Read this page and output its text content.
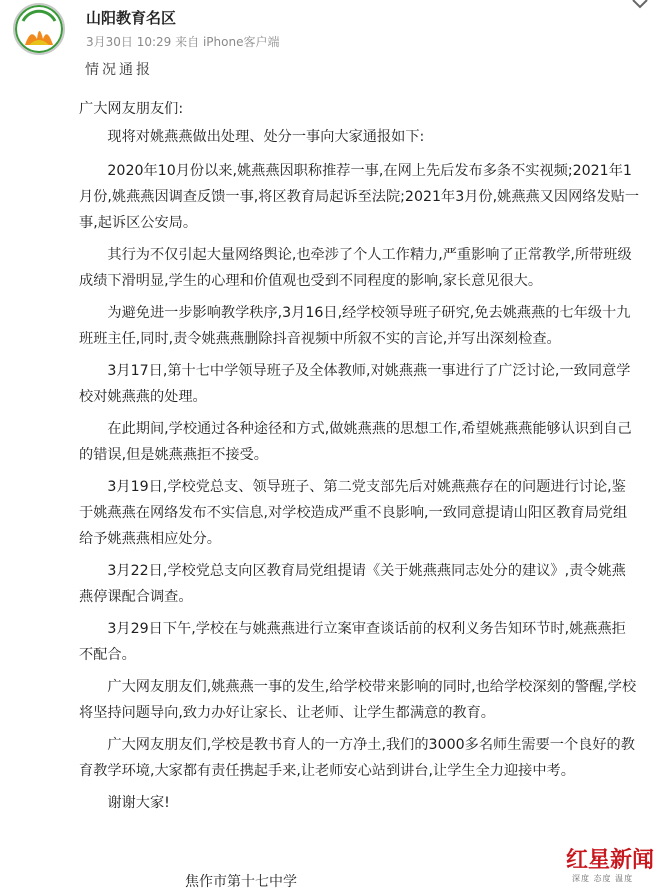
山阳教育名区
3月30日 10:29 来自 iPhone客户端
情况通报

广大网友朋友们:

现将对姚燕燕做出处理、处分一事向大家通报如下:

2020年10月份以来,姚燕燕因职称推荐一事,在网上先后发布多条不实视频;2021年1月份,姚燕燕因调查反馈一事,将区教育局起诉至法院;2021年3月份,姚燕燕又因网络发贴一事,起诉区公安局。

其行为不仅引起大量网络舆论,也牵涉了个人工作精力,严重影响了正常教学,所带班级成绩下滑明显,学生的心理和价值观也受到不同程度的影响,家长意见很大。

为避免进一步影响教学秩序,3月16日,经学校领导班子研究,免去姚燕燕的七年级十九班班主任,同时,责令姚燕燕删除抖音视频中所叙不实的言论,并写出深刻检查。

3月17日,第十七中学领导班子及全体教师,对姚燕燕一事进行了广泛讨论,一致同意学校对姚燕燕的处理。

在此期间,学校通过各种途径和方式,做姚燕燕的思想工作,希望姚燕燕能够认识到自己的错误,但是姚燕燕拒不接受。

3月19日,学校党总支、领导班子、第二党支部先后对姚燕燕存在的问题进行讨论,鉴于姚燕燕在网络发布不实信息,对学校造成严重不良影响,一致同意提请山阳区教育局党组给予姚燕燕相应处分。

3月22日,学校党总支向区教育局党组提请《关于姚燕燕同志处分的建议》,责令姚燕燕停课配合调查。

3月29日下午,学校在与姚燕燕进行立案审查谈话前的权利义务告知环节时,姚燕燕拒不配合。

广大网友朋友们,姚燕燕一事的发生,给学校带来影响的同时,也给学校深刻的警醒,学校将坚持问题导向,致力办好让家长、让老师、让学生都满意的教育。

广大网友朋友们,学校是教书育人的一方净土,我们的3000多名师生需要一个良好的教育教学环境,大家都有责任携起手来,让老师安心站到讲台,让学生全力迎接中考。

谢谢大家!

焦作市第十七中学
红星新闻
深度 态度 温度
